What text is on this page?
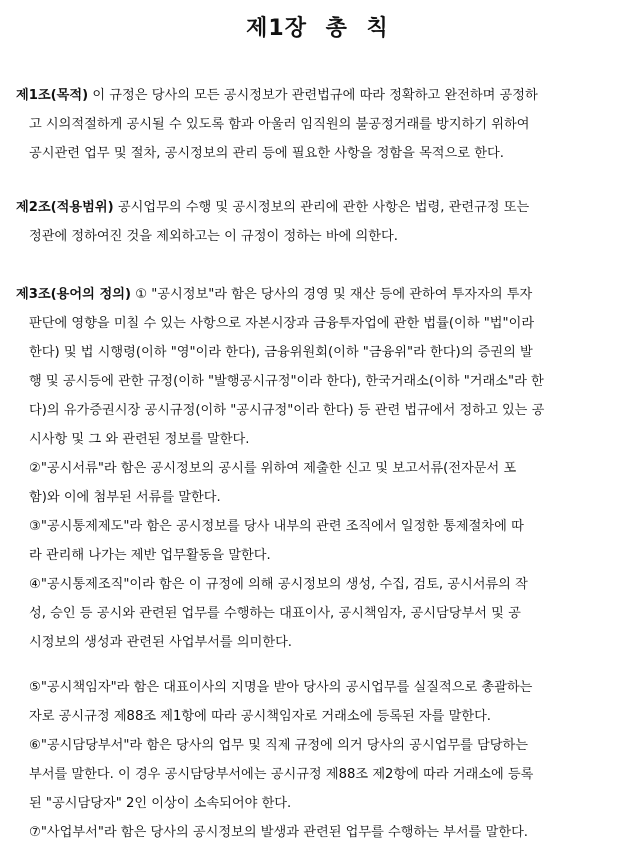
제1장 총 칙
제1조(목적) 이 규정은 당사의 모든 공시정보가 관련법규에 따라 정확하고 완전하며 공정하
고 시의적절하게 공시될 수 있도록 함과 아울러 임직원의 불공정거래를 방지하기 위하여
공시관련 업무 및 절차, 공시정보의 관리 등에 필요한 사항을 정함을 목적으로 한다.
제2조(적용범위) 공시업무의 수행 및 공시정보의 관리에 관한 사항은 법령, 관련규정 또는
정관에 정하여진 것을 제외하고는 이 규정이 정하는 바에 의한다.
제3조(용어의 정의) ① "공시정보"라 함은 당사의 경영 및 재산 등에 관하여 투자자의 투자
판단에 영향을 미칠 수 있는 사항으로 자본시장과 금융투자업에 관한 법률(이하 "법"이라
한다) 및 법 시행령(이하 "영"이라 한다), 금융위원회(이하 "금융위"라 한다)의 증권의 발
행 및 공시등에 관한 규정(이하 "발행공시규정"이라 한다), 한국거래소(이하 "거래소"라 한
다)의 유가증권시장 공시규정(이하 "공시규정"이라 한다) 등 관련 법규에서 정하고 있는 공
시사항 및 그 와 관련된 정보를 말한다.
②"공시서류"라 함은 공시정보의 공시를 위하여 제출한 신고 및 보고서류(전자문서 포
함)와 이에 첨부된 서류를 말한다.
③"공시통제제도"라 함은 공시정보를 당사 내부의 관련 조직에서 일정한 통제절차에 따
라 관리해 나가는 제반 업무활동을 말한다.
④"공시통제조직"이라 함은 이 규정에 의해 공시정보의 생성, 수집, 검토, 공시서류의 작
성, 승인 등 공시와 관련된 업무를 수행하는 대표이사, 공시책임자, 공시담당부서 및 공
시정보의 생성과 관련된 사업부서를 의미한다.
⑤"공시책임자"라 함은 대표이사의 지명을 받아 당사의 공시업무를 실질적으로 총괄하는
자로 공시규정 제88조 제1항에 따라 공시책임자로 거래소에 등록된 자를 말한다.
⑥"공시담당부서"라 함은 당사의 업무 및 직제 규정에 의거 당사의 공시업무를 담당하는
부서를 말한다. 이 경우 공시담당부서에는 공시규정 제88조 제2항에 따라 거래소에 등록
된 "공시담당자" 2인 이상이 소속되어야 한다.
⑦"사업부서"라 함은 당사의 공시정보의 발생과 관련된 업무를 수행하는 부서를 말한다.
